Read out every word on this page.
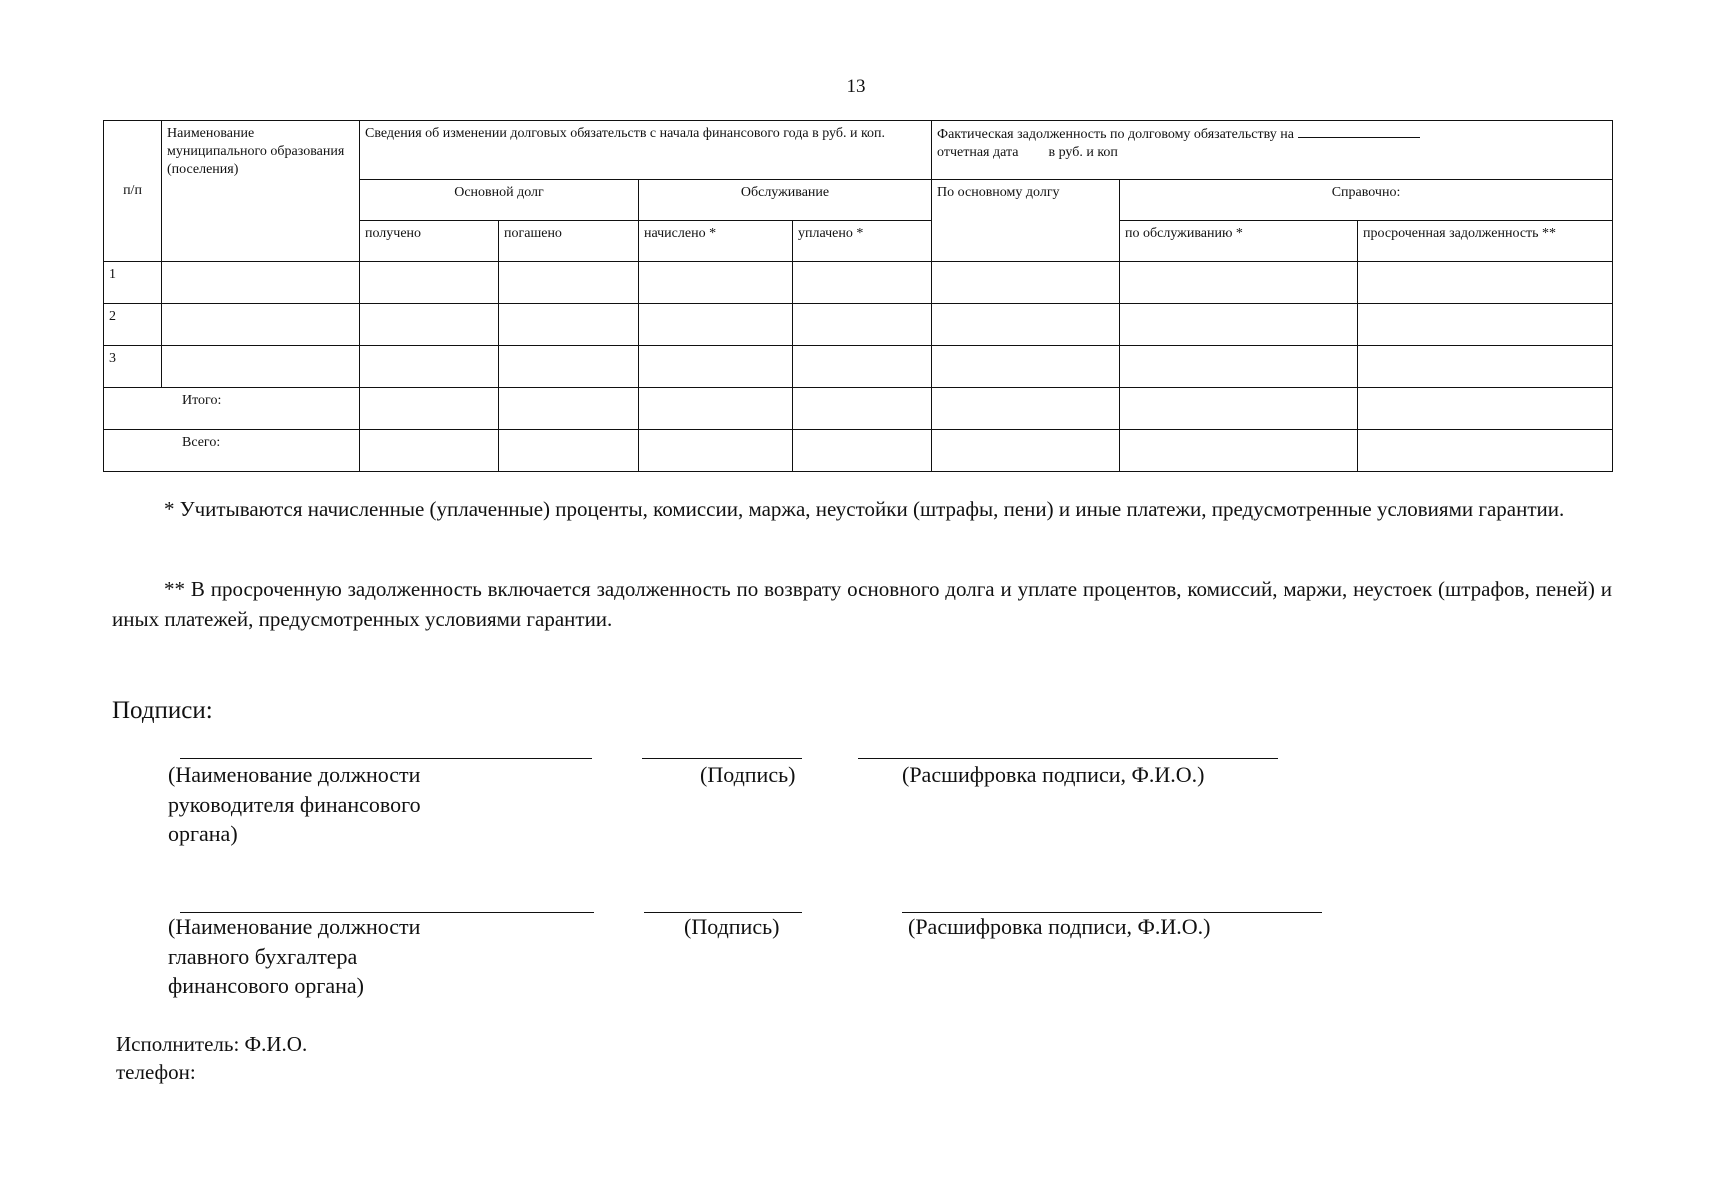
13
п/п	Наименование муниципального образования (поселения)	Сведения об изменении долговых обязательств с начала финансового года в руб. и коп.				Фактическая задолженность по долговому обязательству на
отчетная дата в руб. и коп		
		Основной долг		Обслуживание		По основному долгу	Справочно:	
		получено	погашено	начислено *	уплачено *		по обслуживанию *	просроченная задолженность **
1								
2								
3								
Итого:								
Всего:								
* Учитываются начисленные (уплаченные) проценты, комиссии, маржа, неустойки (штрафы, пени) и иные платежи, предусмотренные условиями гарантии.
** В просроченную задолженность включается задолженность по возврату основного долга и уплате процентов, комиссий, маржи, неустоек (штрафов, пеней) и иных платежей, предусмотренных условиями гарантии.
Подписи:
(Наименование должности
руководителя финансового
органа)
(Подпись)	(Расшифровка подписи, Ф.И.О.)
(Наименование должности
главного бухгалтера
финансового органа)
(Подпись)	(Расшифровка подписи, Ф.И.О.)
Исполнитель: Ф.И.О.
телефон:
